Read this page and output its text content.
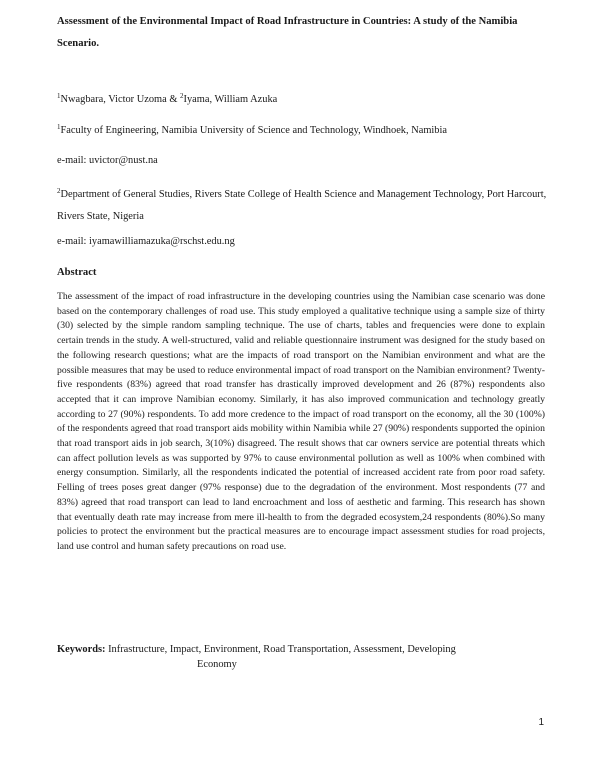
Assessment of the Environmental Impact of Road Infrastructure in Countries: A study of the Namibia Scenario.
$^1$Nwagbara, Victor Uzoma & $^2$Iyama, William Azuka
$^1$Faculty of Engineering, Namibia University of Science and Technology, Windhoek, Namibia
e-mail: uvictor@nust.na
$^2$Department of General Studies, Rivers State College of Health Science and Management Technology, Port Harcourt, Rivers State, Nigeria
e-mail: iyamawilliamazuka@rschst.edu.ng
Abstract
The assessment of the impact of road infrastructure in the developing countries using the Namibian case scenario was done based on the contemporary challenges of road use. This study employed a qualitative technique using a sample size of thirty (30) selected by the simple random sampling technique. The use of charts, tables and frequencies were done to explain certain trends in the study. A well-structured, valid and reliable questionnaire instrument was designed for the study based on the following research questions; what are the impacts of road transport on the Namibian environment and what are the possible measures that may be used to reduce environmental impact of road transport on the Namibian environment? Twenty-five respondents (83%) agreed that road transfer has drastically improved development and 26 (87%) respondents also accepted that it can improve Namibian economy. Similarly, it has also improved communication and technology greatly according to 27 (90%) respondents. To add more credence to the impact of road transport on the economy, all the 30 (100%) of the respondents agreed that road transport aids mobility within Namibia while 27 (90%) respondents supported the opinion that road transport aids in job search, 3(10%) disagreed. The result shows that car owners service are potential threats which can affect pollution levels as was supported by 97% to cause environmental pollution as well as 100% when combined with energy consumption. Similarly, all the respondents indicated the potential of increased accident rate from poor road safety. Felling of trees poses great danger (97% response) due to the degradation of the environment. Most respondents (77 and 83%) agreed that road transport can lead to land encroachment and loss of aesthetic and farming. This research has shown that eventually death rate may increase from mere ill-health to from the degraded ecosystem,24 respondents (80%).So many policies to protect the environment but the practical measures are to encourage impact assessment studies for road projects, land use control and human safety precautions on road use.
Keywords: Infrastructure, Impact, Environment, Road Transportation, Assessment, Developing
Economy
1
